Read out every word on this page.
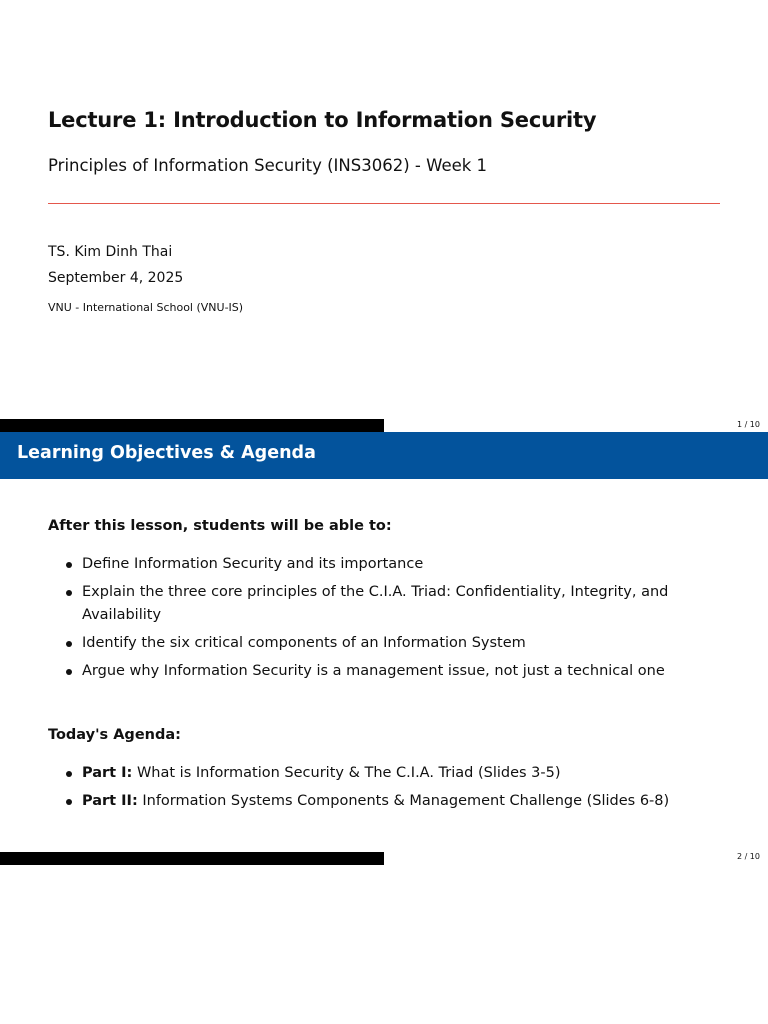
Lecture 1: Introduction to Information Security
Principles of Information Security (INS3062) - Week 1
TS. Kim Dinh Thai
September 4, 2025
VNU - International School (VNU-IS)
1 / 10
Learning Objectives & Agenda
After this lesson, students will be able to:
Define Information Security and its importance
Explain the three core principles of the C.I.A. Triad: Confidentiality, Integrity, and Availability
Identify the six critical components of an Information System
Argue why Information Security is a management issue, not just a technical one
Today's Agenda:
Part I: What is Information Security & The C.I.A. Triad (Slides 3-5)
Part II: Information Systems Components & Management Challenge (Slides 6-8)
2 / 10
